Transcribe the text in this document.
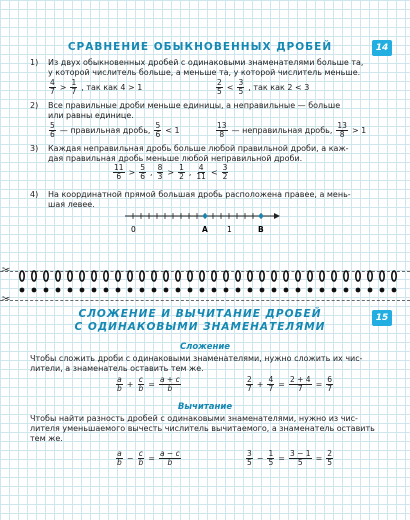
СРАВНЕНИЕ ОБЫКНОВЕННЫХ ДРОБЕЙ	14
1) Из двух обыкновенных дробей с одинаковыми знаменателями больше та,
у которой числитель больше, а меньше та, у которой числитель меньше.
$\frac{4}{7} > \frac{1}{7}$ , так как 4 > 1	$\frac{2}{5} < \frac{3}{5}$ , так как 2 < 3
2) Все правильные дроби меньше единицы, а неправильные — больше
или равны единице.
$\frac{5}{6}$ — правильная дробь, $\frac{5}{6} < 1$	$\frac{13}{8}$ — неправильная дробь, $\frac{13}{8} > 1$
3) Каждая неправильная дробь больше любой правильной дроби, а каж-
дая правильная дробь меньше любой неправильной дроби.
$\frac{11}{6} > \frac{5}{6}$ , $\frac{8}{3} > \frac{1}{2}$ , $\frac{4}{11} < \frac{3}{2}$
4) На координатной прямой большая дробь расположена правее, а мень-
шая левее.
0	A	1	B
✂
✂
СЛОЖЕНИЕ И ВЫЧИТАНИЕ ДРОБЕЙ
С ОДИНАКОВЫМИ ЗНАМЕНАТЕЛЯМИ
15
Сложение
Чтобы сложить дроби с одинаковыми знаменателями, нужно сложить их чис-
лители, а знаменатель оставить тем же.
$\frac{a}{b} + \frac{c}{b} = \frac{a + c}{b}$	$\frac{2}{7} + \frac{4}{7} = \frac{2 + 4}{7} = \frac{6}{7}$
Вычитание
Чтобы найти разность дробей с одинаковыми знаменателями, нужно из чис-
лителя уменьшаемого вычесть числитель вычитаемого, а знаменатель оставить
тем же.
$\frac{a}{b} - \frac{c}{b} = \frac{a - c}{b}$	$\frac{3}{5} - \frac{1}{5} = \frac{3 - 1}{5} = \frac{2}{5}$
